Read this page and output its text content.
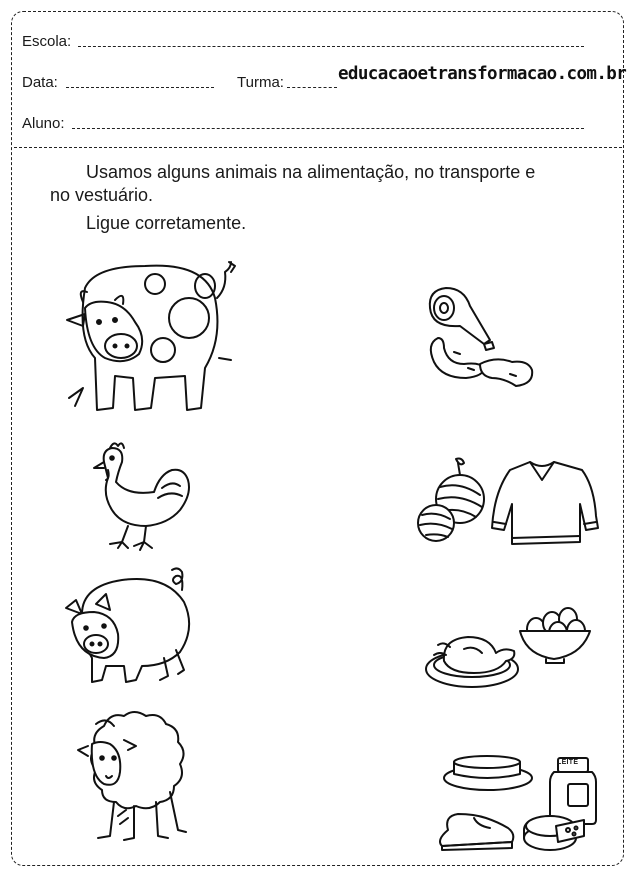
Escola:
Data:	Turma:	educacaoetransformacao.com.br
Aluno:
Usamos alguns animais na alimentação, no transporte e
no vestuário.
Ligue corretamente.
LEITE
